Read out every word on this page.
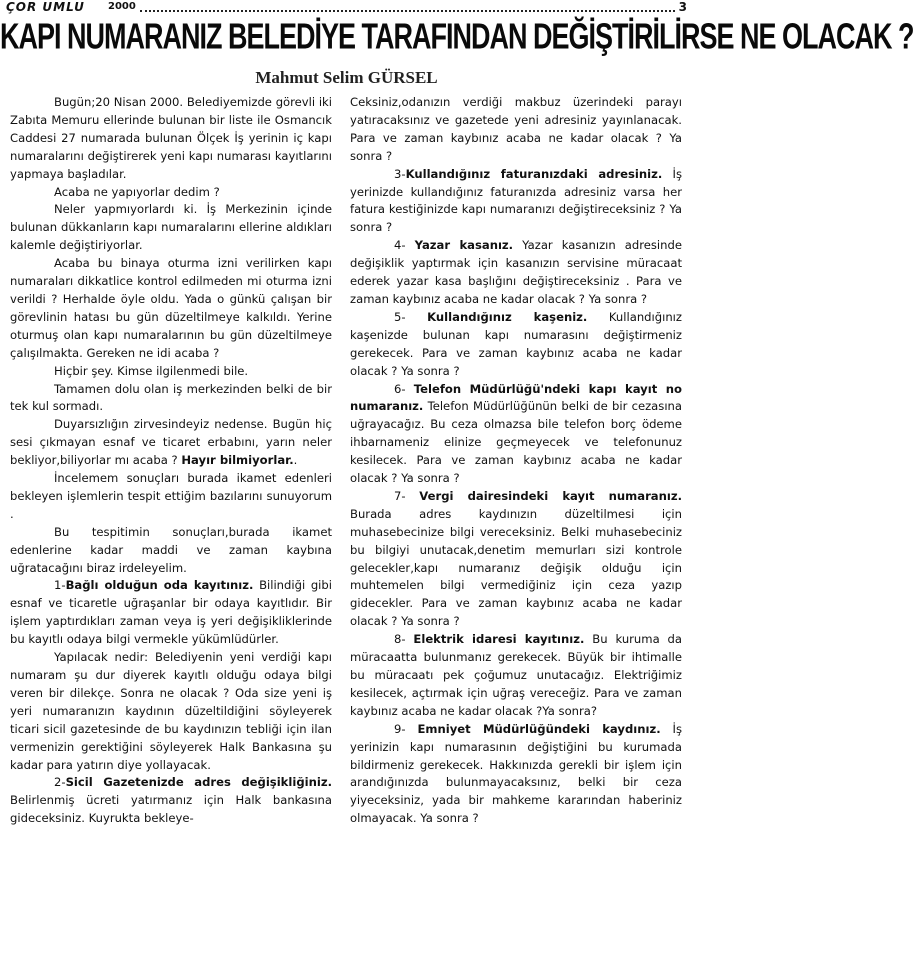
ÇOR UMLU 2000	3
KAPI NUMARANIZ BELEDİYE TARAFINDAN DEĞİŞTİRİLİRSE NE OLACAK ?

Mahmut Selim GÜRSEL

Bugün;20 Nisan 2000. Belediyemizde görevli iki Zabıta Memuru ellerinde bulunan bir liste ile Osmancık Caddesi 27 numarada bulunan Ölçek İş yerinin iç kapı numaralarını değiştirerek yeni kapı numarası kayıtlarını yapmaya başladılar.

Acaba ne yapıyorlar dedim ?

Neler yapmıyorlardı ki. İş Merkezinin içinde bulunan dükkanların kapı numaralarını ellerine aldıkları kalemle değiştiriyorlar.

Acaba bu binaya oturma izni verilirken kapı numaraları dikkatlice kontrol edilmeden mi oturma izni verildi ? Herhalde öyle oldu. Yada o günkü çalışan bir görevlinin hatası bu gün düzeltilmeye kalkıldı. Yerine oturmuş olan kapı numaralarının bu gün düzeltilmeye çalışılmakta. Gereken ne idi acaba ?

Hiçbir şey. Kimse ilgilenmedi bile.

Tamamen dolu olan iş merkezinden belki de bir tek kul sormadı.

Duyarsızlığın zirvesindeyiz nedense. Bugün hiç sesi çıkmayan esnaf ve ticaret erbabını, yarın neler bekliyor,biliyorlar mı acaba ? Hayır bilmiyorlar..

İncelemem sonuçları burada ikamet edenleri bekleyen işlemlerin tespit ettiğim bazılarını sunuyorum .

Bu tespitimin sonuçları,burada ikamet edenlerine kadar maddi ve zaman kaybına uğratacağını biraz irdeleyelim.

1-Bağlı olduğun oda kayıtınız. Bilindiği gibi esnaf ve ticaretle uğraşanlar bir odaya kayıtlıdır. Bir işlem yaptırdıkları zaman veya iş yeri değişikliklerinde bu kayıtlı odaya bilgi vermekle yükümlüdürler.

Yapılacak nedir: Belediyenin yeni verdiği kapı numaram şu dur diyerek kayıtlı olduğu odaya bilgi veren bir dilekçe. Sonra ne olacak ? Oda size yeni iş yeri numaranızın kaydının düzeltildiğini söyleyerek ticari sicil gazetesinde de bu kaydınızın tebliği için ilan vermenizin gerektiğini söyleyerek Halk Bankasına şu kadar para yatırın diye yollayacak.

2-Sicil Gazetenizde adres değişikliğiniz. Belirlenmiş ücreti yatırmanız için Halk bankasına gideceksiniz. Kuyrukta bekleye-

Ceksiniz,odanızın verdiği makbuz üzerindeki parayı yatıracaksınız ve gazetede yeni adresiniz yayınlanacak. Para ve zaman kaybınız acaba ne kadar olacak ? Ya sonra ?

3-Kullandığınız faturanızdaki adresiniz. İş yerinizde kullandığınız faturanızda adresiniz varsa her fatura kestiğinizde kapı numaranızı değiştireceksiniz ? Ya sonra ?

4- Yazar kasanız. Yazar kasanızın adresinde değişiklik yaptırmak için kasanızın servisine müracaat ederek yazar kasa başlığını değiştireceksiniz . Para ve zaman kaybınız acaba ne kadar olacak ? Ya sonra ?

5- Kullandığınız kaşeniz. Kullandığınız kaşenizde bulunan kapı numarasını değiştirmeniz gerekecek. Para ve zaman kaybınız acaba ne kadar olacak ? Ya sonra ?

6- Telefon Müdürlüğü'ndeki kapı kayıt no numaranız. Telefon Müdürlüğünün belki de bir cezasına uğrayacağız. Bu ceza olmazsa bile telefon borç ödeme ihbarnameniz elinize geçmeyecek ve telefonunuz kesilecek. Para ve zaman kaybınız acaba ne kadar olacak ? Ya sonra ?

7- Vergi dairesindeki kayıt numaranız. Burada adres kaydınızın düzeltilmesi için muhasebecinize bilgi vereceksiniz. Belki muhasebeciniz bu bilgiyi unutacak,denetim memurları sizi kontrole gelecekler,kapı numaranız değişik olduğu için muhtemelen bilgi vermediğiniz için ceza yazıp gidecekler. Para ve zaman kaybınız acaba ne kadar olacak ? Ya sonra ?

8- Elektrik idaresi kayıtınız. Bu kuruma da müracaatta bulunmanız gerekecek. Büyük bir ihtimalle bu müracaatı pek çoğumuz unutacağız. Elektriğimiz kesilecek, açtırmak için uğraş vereceğiz. Para ve zaman kaybınız acaba ne kadar olacak ?Ya sonra?

9- Emniyet Müdürlüğündeki kaydınız. İş yerinizin kapı numarasının değiştiğini bu kurumada bildirmeniz gerekecek. Hakkınızda gerekli bir işlem için arandığınızda bulunmayacaksınız, belki bir ceza yiyeceksiniz, yada bir mahkeme kararından haberiniz olmayacak. Ya sonra ?
